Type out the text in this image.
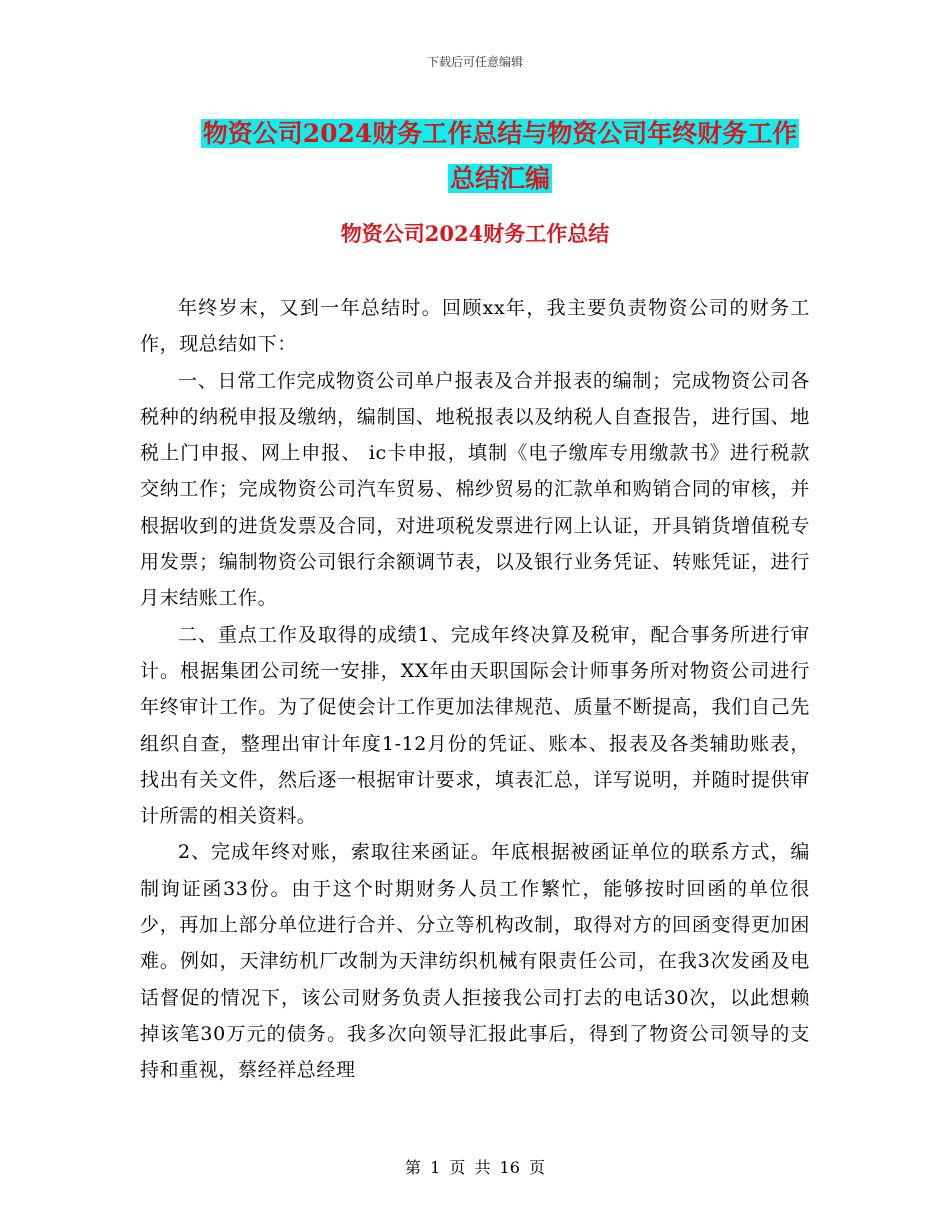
下载后可任意编辑
物资公司2024财务工作总结与物资公司年终财务工作
总结汇编
物资公司2024财务工作总结

年终岁末，又到一年总结时。回顾xx年，我主要负责物资公司的财务工作，现总结如下：

一、日常工作完成物资公司单户报表及合并报表的编制；完成物资公司各税种的纳税申报及缴纳，编制国、地税报表以及纳税人自查报告，进行国、地税上门申报、网上申报、 ic卡申报，填制《电子缴库专用缴款书》进行税款交纳工作；完成物资公司汽车贸易、棉纱贸易的汇款单和购销合同的审核，并根据收到的进货发票及合同，对进项税发票进行网上认证，开具销货增值税专用发票；编制物资公司银行余额调节表，以及银行业务凭证、转账凭证，进行月末结账工作。

二、重点工作及取得的成绩1、完成年终决算及税审，配合事务所进行审计。根据集团公司统一安排，XX年由天职国际会计师事务所对物资公司进行年终审计工作。为了促使会计工作更加法律规范、质量不断提高，我们自己先组织自查，整理出审计年度1-12月份的凭证、账本、报表及各类辅助账表，找出有关文件，然后逐一根据审计要求，填表汇总，详写说明，并随时提供审计所需的相关资料。

2、完成年终对账，索取往来函证。年底根据被函证单位的联系方式，编制询证函33份。由于这个时期财务人员工作繁忙，能够按时回函的单位很少，再加上部分单位进行合并、分立等机构改制，取得对方的回函变得更加困难。例如，天津纺机厂改制为天津纺织机械有限责任公司，在我3次发函及电话督促的情况下，该公司财务负责人拒接我公司打去的电话30次，以此想赖掉该笔30万元的债务。我多次向领导汇报此事后，得到了物资公司领导的支持和重视，蔡经祥总经理

第 1 页 共 16 页
